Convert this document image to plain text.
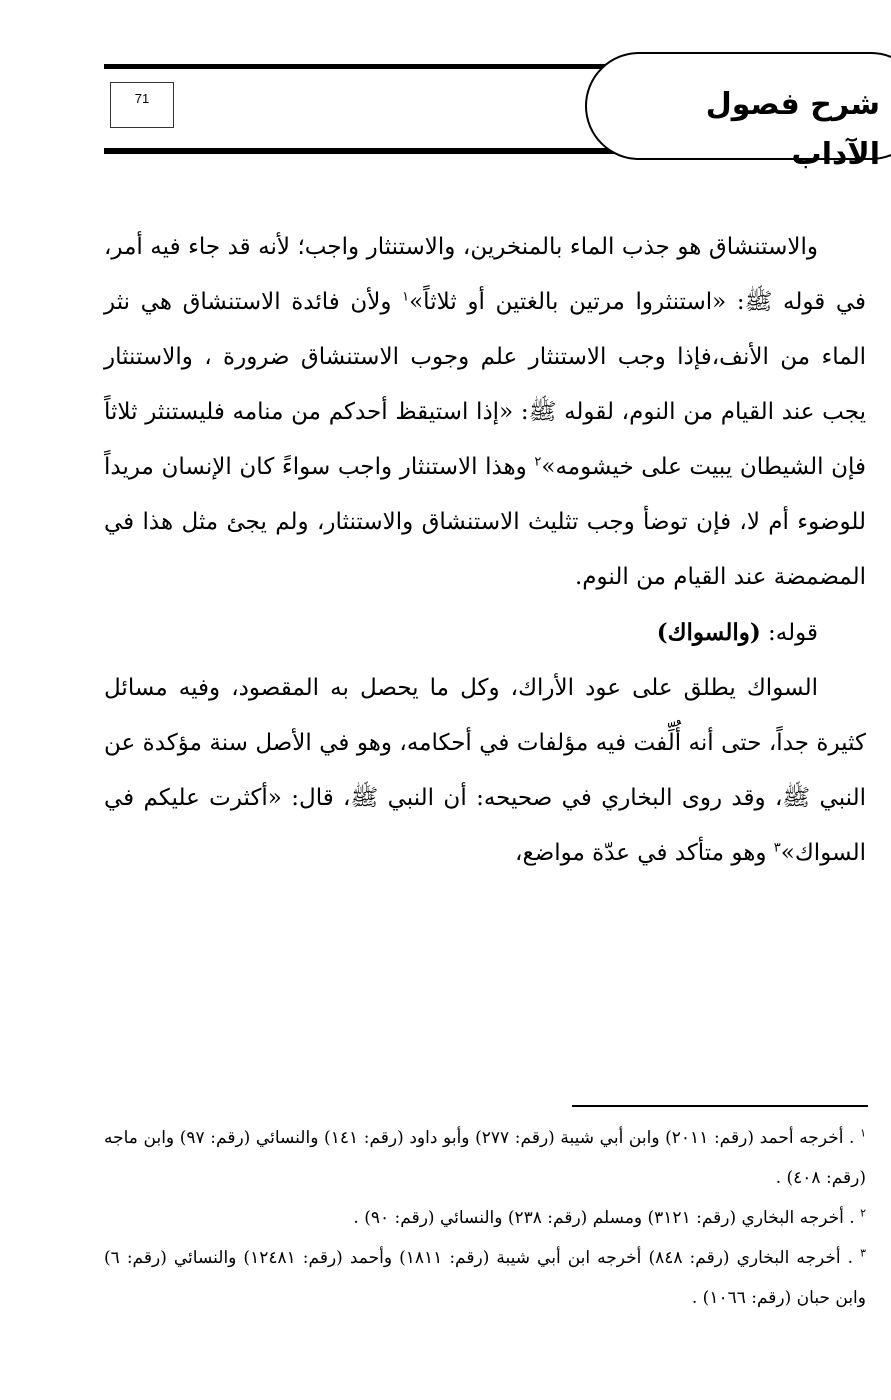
شرح فصول الآداب
71

والاستنشاق هو جذب الماء بالمنخرين، والاستنثار واجب؛ لأنه قد جاء فيه أمر، في قوله ﷺ: «استنثروا مرتين بالغتين أو ثلاثاً»$^١$ ولأن فائدة الاستنشاق هي نثر الماء من الأنف،فإذا وجب الاستنثار علم وجوب الاستنشاق ضرورة ، والاستنثار يجب عند القيام من النوم، لقوله ﷺ: «إذا استيقظ أحدكم من منامه فليستنثر ثلاثاً فإن الشيطان يبيت على خيشومه»$^٢$ وهذا الاستنثار واجب سواءً كان الإنسان مريداً للوضوء أم لا، فإن توضأ وجب تثليث الاستنشاق والاستنثار، ولم يجئ مثل هذا في المضمضة عند القيام من النوم.

قوله: (والسواك)

السواك يطلق على عود الأراك، وكل ما يحصل به المقصود، وفيه مسائل كثيرة جداً، حتى أنه أُلِّفت فيه مؤلفات في أحكامه، وهو في الأصل سنة مؤكدة عن النبي ﷺ، وقد روى البخاري في صحيحه: أن النبي ﷺ، قال: «أكثرت عليكم في السواك»$^٣$ وهو متأكد في عدّة مواضع،

$^١$ . أخرجه أحمد (رقم: ٢٠١١) وابن أبي شيبة (رقم: ٢٧٧) وأبو داود (رقم: ١٤١) والنسائي (رقم: ٩٧) وابن ماجه (رقم: ٤٠٨) .

$^٢$ . أخرجه البخاري (رقم: ٣١٢١) ومسلم (رقم: ٢٣٨) والنسائي (رقم: ٩٠) .

$^٣$ . أخرجه البخاري (رقم: ٨٤٨) أخرجه ابن أبي شيبة (رقم: ١٨١١) وأحمد (رقم: ١٢٤٨١) والنسائي (رقم: ٦) وابن حبان (رقم: ١٠٦٦) .
